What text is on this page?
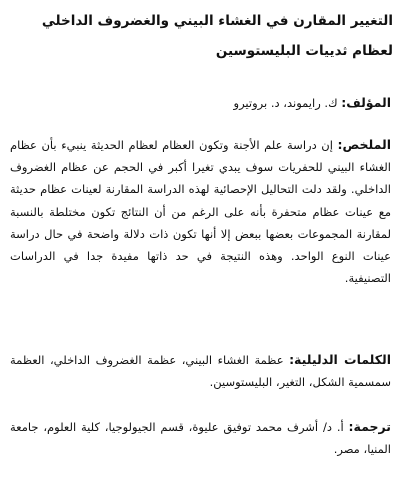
التغيير المقارن في الغشاء البيني والغضروف الداخلي لعظام ثدييات البليستوسين

المؤلف: ك. رايموند، د. بروتيرو

الملخص: إن دراسة علم الأجنة وتكون العظام لعظام الحديثة ينبيء بأن عظام الغشاء البيني للحفريات سوف يبدي تغيرا أكبر في الحجم عن عظام الغضروف الداخلي. ولقد دلت التحاليل الإحصائية لهذه الدراسة المقارنة لعينات عظام حديثة مع عينات عظام متحفرة بأنه على الرغم من أن النتائج تكون مختلطة بالنسبة لمقارنة المجموعات بعضها ببعض إلا أنها تكون ذات دلالة واضحة في حال دراسة عينات النوع الواحد. وهذه النتيجة في حد ذاتها مفيدة جدا في الدراسات التصنيفية.

الكلمات الدليلية: عظمة الغشاء البيني، عظمة الغضروف الداخلي، العظمة سمسمية الشكل، التغير، البليستوسين.

ترجمة: أ. د/ أشرف محمد توفيق عليوة، قسم الجيولوجيا، كلية العلوم، جامعة المنيا، مصر.
